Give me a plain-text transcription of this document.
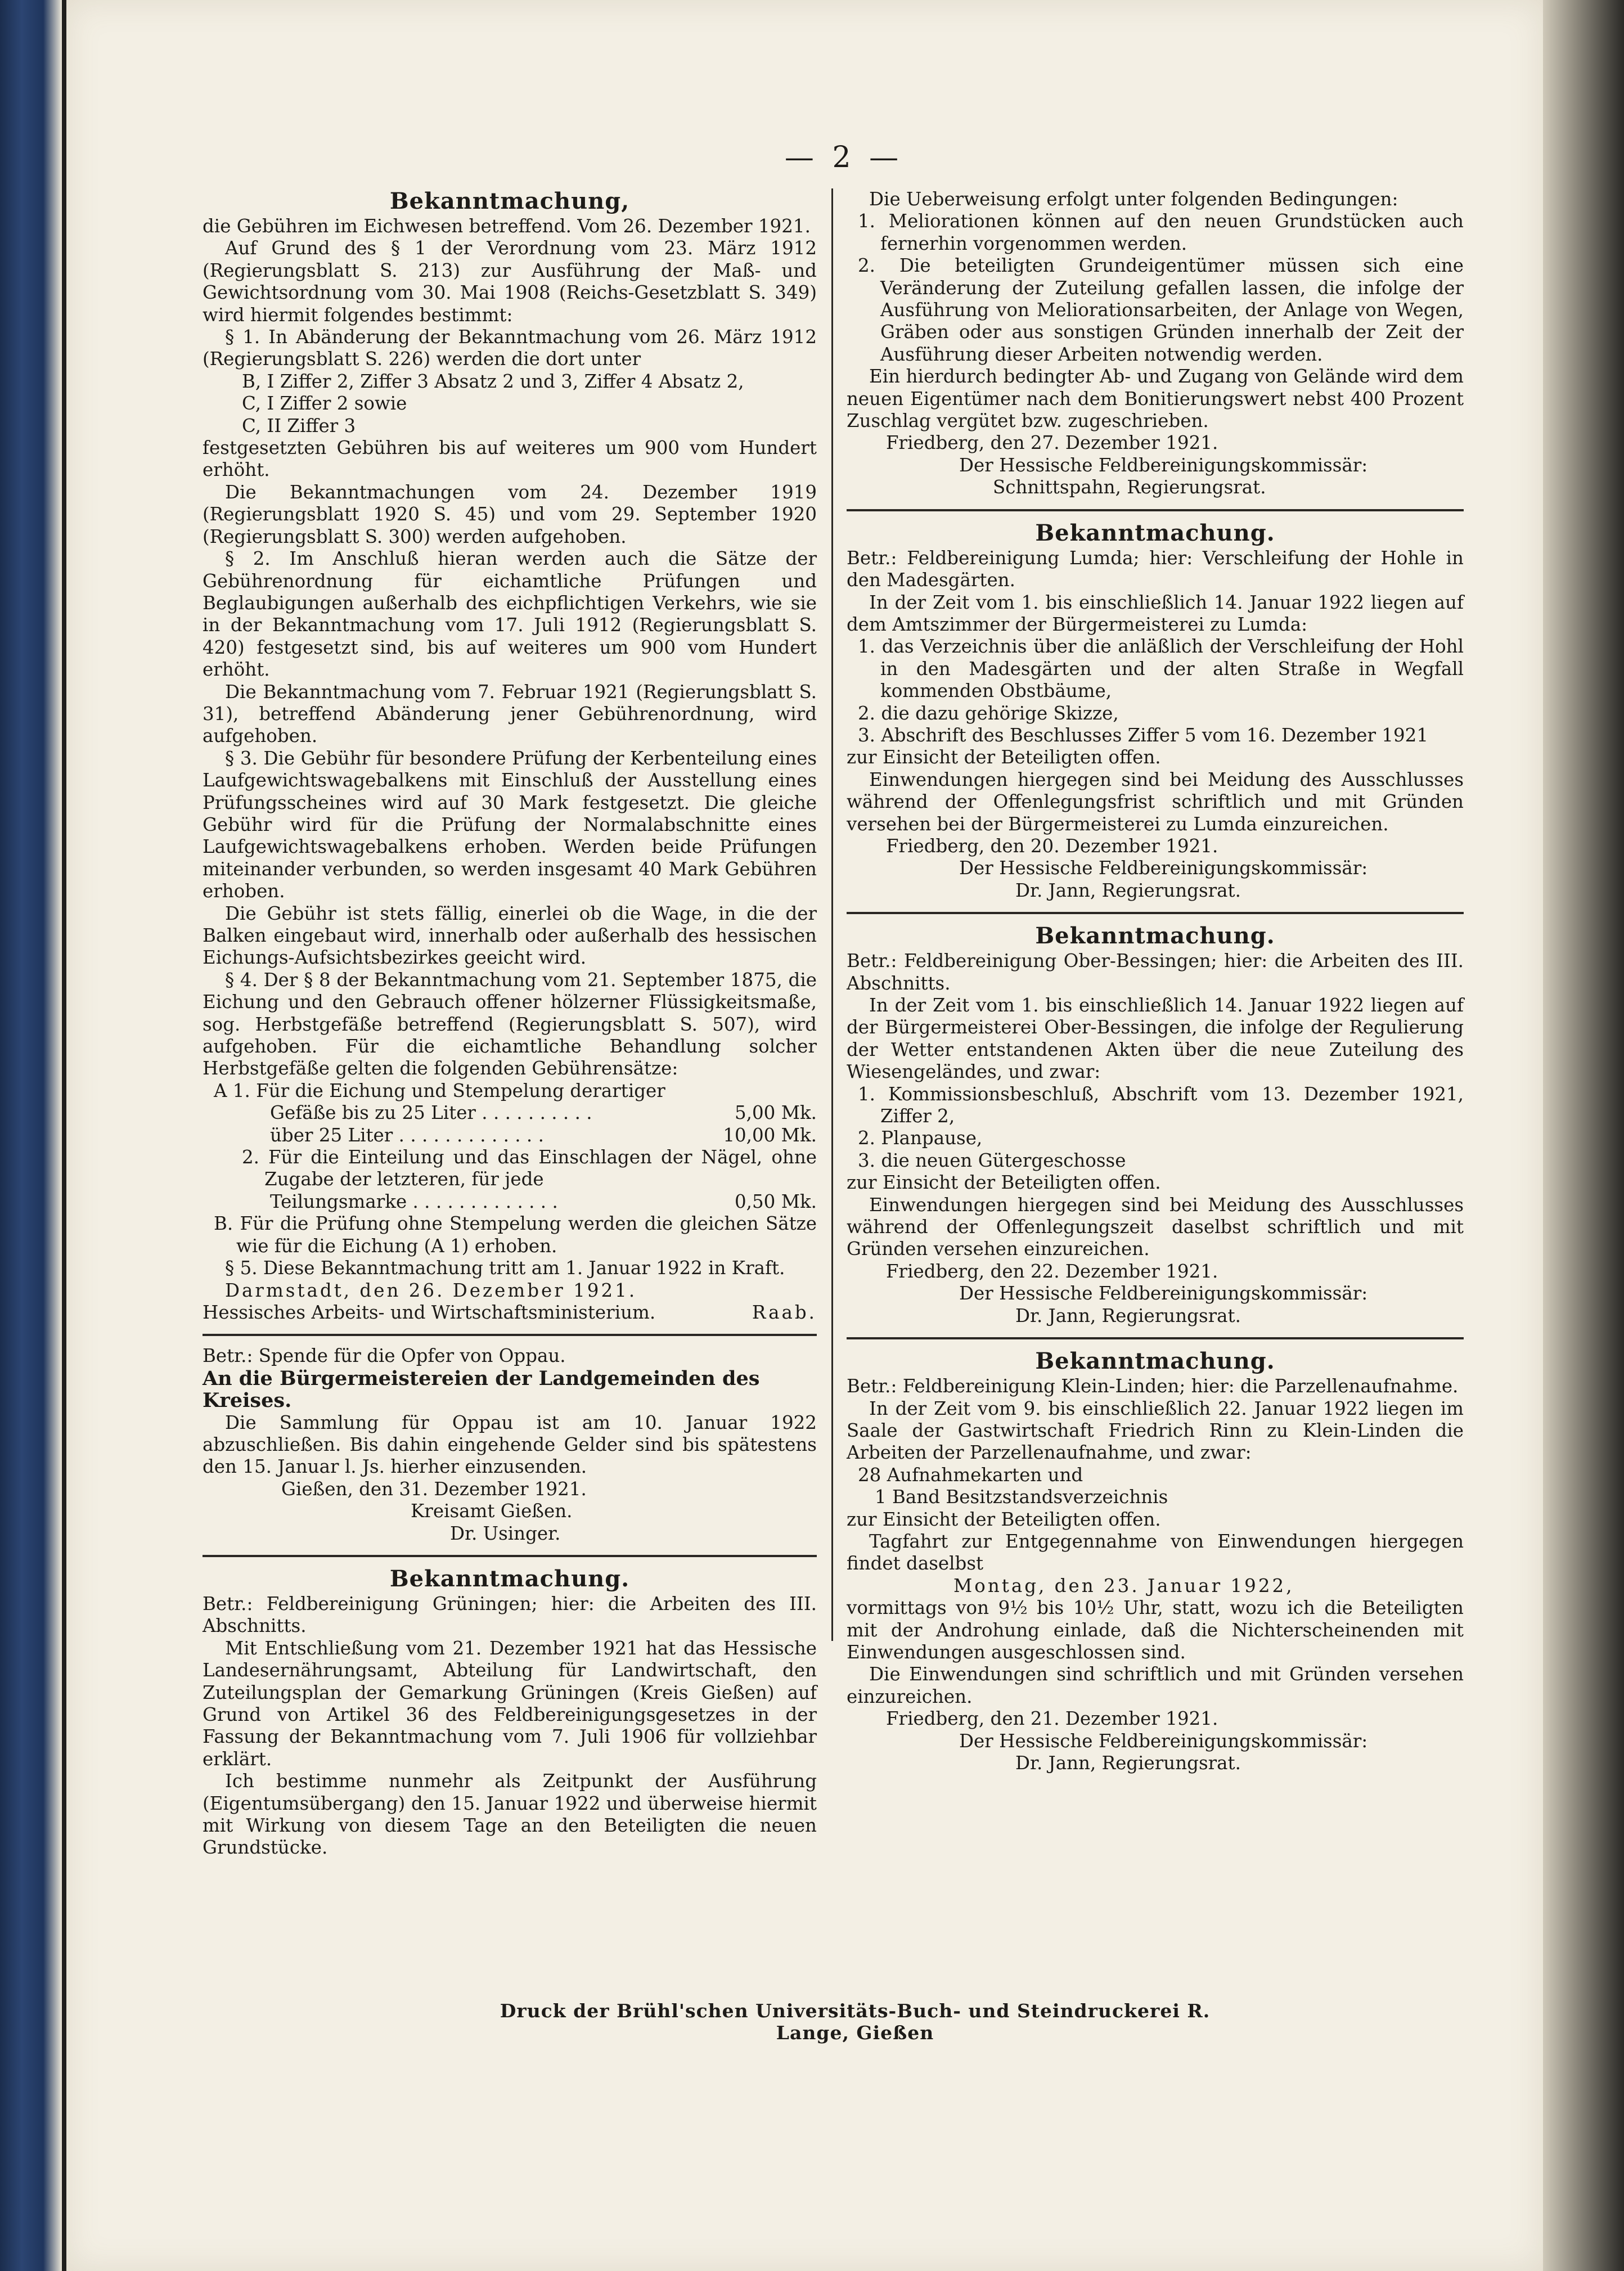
— 2 —

Bekanntmachung,

die Gebühren im Eichwesen betreffend. Vom 26. Dezember 1921.

Auf Grund des § 1 der Verordnung vom 23. März 1912 (Regierungsblatt S. 213) zur Ausführung der Maß- und Gewichtsordnung vom 30. Mai 1908 (Reichs-Gesetzblatt S. 349) wird hiermit folgendes bestimmt:

§ 1. In Abänderung der Bekanntmachung vom 26. März 1912 (Regierungsblatt S. 226) werden die dort unter

B, I Ziffer 2, Ziffer 3 Absatz 2 und 3, Ziffer 4 Absatz 2,

C, I Ziffer 2 sowie

C, II Ziffer 3

festgesetzten Gebühren bis auf weiteres um 900 vom Hundert erhöht.

Die Bekanntmachungen vom 24. Dezember 1919 (Regierungsblatt 1920 S. 45) und vom 29. September 1920 (Regierungsblatt S. 300) werden aufgehoben.

§ 2. Im Anschluß hieran werden auch die Sätze der Gebührenordnung für eichamtliche Prüfungen und Beglaubigungen außerhalb des eichpflichtigen Verkehrs, wie sie in der Bekanntmachung vom 17. Juli 1912 (Regierungsblatt S. 420) festgesetzt sind, bis auf weiteres um 900 vom Hundert erhöht.

Die Bekanntmachung vom 7. Februar 1921 (Regierungsblatt S. 31), betreffend Abänderung jener Gebührenordnung, wird aufgehoben.

§ 3. Die Gebühr für besondere Prüfung der Kerbenteilung eines Laufgewichtswagebalkens mit Einschluß der Ausstellung eines Prüfungsscheines wird auf 30 Mark festgesetzt. Die gleiche Gebühr wird für die Prüfung der Normalabschnitte eines Laufgewichtswagebalkens erhoben. Werden beide Prüfungen miteinander verbunden, so werden insgesamt 40 Mark Gebühren erhoben.

Die Gebühr ist stets fällig, einerlei ob die Wage, in die der Balken eingebaut wird, innerhalb oder außerhalb des hessischen Eichungs-Aufsichtsbezirkes geeicht wird.

§ 4. Der § 8 der Bekanntmachung vom 21. September 1875, die Eichung und den Gebrauch offener hölzerner Flüssigkeitsmaße, sog. Herbstgefäße betreffend (Regierungsblatt S. 507), wird aufgehoben. Für die eichamtliche Behandlung solcher Herbstgefäße gelten die folgenden Gebührensätze:

A 1. Für die Eichung und Stempelung derartiger

Gefäße bis zu 25 Liter . . . . . . . . . .	5,00 Mk.
über 25 Liter . . . . . . . . . . . . .	10,00 Mk.

2. Für die Einteilung und das Einschlagen der Nägel, ohne Zugabe der letzteren, für jede

Teilungsmarke . . . . . . . . . . . . .	0,50 Mk.

B. Für die Prüfung ohne Stempelung werden die gleichen Sätze wie für die Eichung (A 1) erhoben.

§ 5. Diese Bekanntmachung tritt am 1. Januar 1922 in Kraft.

Darmstadt, den 26. Dezember 1921.

Hessisches Arbeits- und Wirtschaftsministerium.	Raab.

Betr.: Spende für die Opfer von Oppau.

An die Bürgermeistereien der Landgemeinden des Kreises.

Die Sammlung für Oppau ist am 10. Januar 1922 abzuschließen. Bis dahin eingehende Gelder sind bis spätestens den 15. Januar l. Js. hierher einzusenden.

Gießen, den 31. Dezember 1921.

Kreisamt Gießen.

Dr. Usinger.

Bekanntmachung.

Betr.: Feldbereinigung Grüningen; hier: die Arbeiten des III. Abschnitts.

Mit Entschließung vom 21. Dezember 1921 hat das Hessische Landesernährungsamt, Abteilung für Landwirtschaft, den Zuteilungsplan der Gemarkung Grüningen (Kreis Gießen) auf Grund von Artikel 36 des Feldbereinigungsgesetzes in der Fassung der Bekanntmachung vom 7. Juli 1906 für vollziehbar erklärt.

Ich bestimme nunmehr als Zeitpunkt der Ausführung (Eigentumsübergang) den 15. Januar 1922 und überweise hiermit mit Wirkung von diesem Tage an den Beteiligten die neuen Grundstücke.

Die Ueberweisung erfolgt unter folgenden Bedingungen:

1. Meliorationen können auf den neuen Grundstücken auch fernerhin vorgenommen werden.

2. Die beteiligten Grundeigentümer müssen sich eine Veränderung der Zuteilung gefallen lassen, die infolge der Ausführung von Meliorationsarbeiten, der Anlage von Wegen, Gräben oder aus sonstigen Gründen innerhalb der Zeit der Ausführung dieser Arbeiten notwendig werden.

Ein hierdurch bedingter Ab- und Zugang von Gelände wird dem neuen Eigentümer nach dem Bonitierungswert nebst 400 Prozent Zuschlag vergütet bzw. zugeschrieben.

Friedberg, den 27. Dezember 1921.

Der Hessische Feldbereinigungskommissär:

Schnittspahn, Regierungsrat.

Bekanntmachung.

Betr.: Feldbereinigung Lumda; hier: Verschleifung der Hohle in den Madesgärten.

In der Zeit vom 1. bis einschließlich 14. Januar 1922 liegen auf dem Amtszimmer der Bürgermeisterei zu Lumda:

1. das Verzeichnis über die anläßlich der Verschleifung der Hohl in den Madesgärten und der alten Straße in Wegfall kommenden Obstbäume,

2. die dazu gehörige Skizze,

3. Abschrift des Beschlusses Ziffer 5 vom 16. Dezember 1921

zur Einsicht der Beteiligten offen.

Einwendungen hiergegen sind bei Meidung des Ausschlusses während der Offenlegungsfrist schriftlich und mit Gründen versehen bei der Bürgermeisterei zu Lumda einzureichen.

Friedberg, den 20. Dezember 1921.

Der Hessische Feldbereinigungskommissär:

Dr. Jann, Regierungsrat.

Bekanntmachung.

Betr.: Feldbereinigung Ober-Bessingen; hier: die Arbeiten des III. Abschnitts.

In der Zeit vom 1. bis einschließlich 14. Januar 1922 liegen auf der Bürgermeisterei Ober-Bessingen, die infolge der Regulierung der Wetter entstandenen Akten über die neue Zuteilung des Wiesengeländes, und zwar:

1. Kommissionsbeschluß, Abschrift vom 13. Dezember 1921, Ziffer 2,

2. Planpause,

3. die neuen Gütergeschosse

zur Einsicht der Beteiligten offen.

Einwendungen hiergegen sind bei Meidung des Ausschlusses während der Offenlegungszeit daselbst schriftlich und mit Gründen versehen einzureichen.

Friedberg, den 22. Dezember 1921.

Der Hessische Feldbereinigungskommissär:

Dr. Jann, Regierungsrat.

Bekanntmachung.

Betr.: Feldbereinigung Klein-Linden; hier: die Parzellenaufnahme.

In der Zeit vom 9. bis einschließlich 22. Januar 1922 liegen im Saale der Gastwirtschaft Friedrich Rinn zu Klein-Linden die Arbeiten der Parzellenaufnahme, und zwar:

28 Aufnahmekarten und

1 Band Besitzstandsverzeichnis

zur Einsicht der Beteiligten offen.

Tagfahrt zur Entgegennahme von Einwendungen hiergegen findet daselbst

Montag, den 23. Januar 1922,

vormittags von 9½ bis 10½ Uhr, statt, wozu ich die Beteiligten mit der Androhung einlade, daß die Nichterscheinenden mit Einwendungen ausgeschlossen sind.

Die Einwendungen sind schriftlich und mit Gründen versehen einzureichen.

Friedberg, den 21. Dezember 1921.

Der Hessische Feldbereinigungskommissär:

Dr. Jann, Regierungsrat.

Druck der Brühl'schen Universitäts-Buch- und Steindruckerei R. Lange, Gießen
